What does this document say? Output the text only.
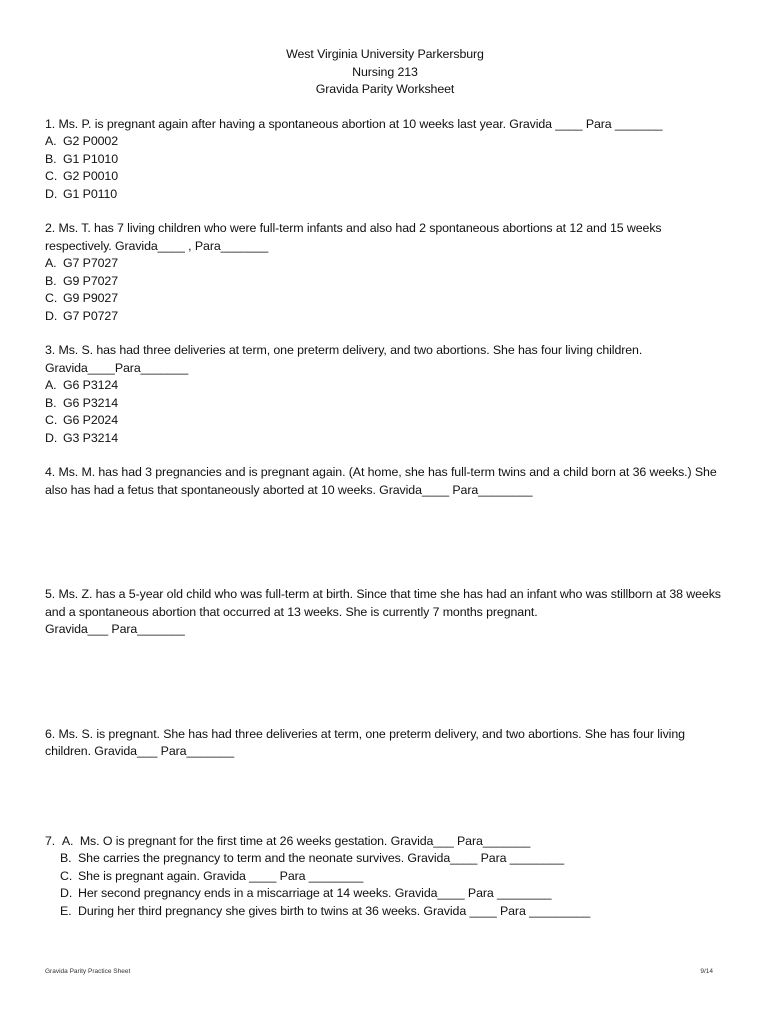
West Virginia University Parkersburg
Nursing 213
Gravida Parity Worksheet
1. Ms. P. is pregnant again after having a spontaneous abortion at 10 weeks last year. Gravida ____ Para _______
A. G2 P0002
B. G1 P1010
C. G2 P0010
D. G1 P0110
2. Ms. T. has 7 living children who were full-term infants and also had 2 spontaneous abortions at 12 and 15 weeks respectively. Gravida____ , Para_______
A. G7 P7027
B. G9 P7027
C. G9 P9027
D. G7 P0727
3. Ms. S. has had three deliveries at term, one preterm delivery, and two abortions. She has four living children. Gravida____Para_______
A. G6 P3124
B. G6 P3214
C. G6 P2024
D. G3 P3214
4. Ms. M. has had 3 pregnancies and is pregnant again. (At home, she has full-term twins and a child born at 36 weeks.) She also has had a fetus that spontaneously aborted at 10 weeks. Gravida____ Para________
5. Ms. Z. has a 5-year old child who was full-term at birth. Since that time she has had an infant who was stillborn at 38 weeks and a spontaneous abortion that occurred at 13 weeks. She is currently 7 months pregnant.
Gravida___ Para_______
6. Ms. S. is pregnant. She has had three deliveries at term, one preterm delivery, and two abortions. She has four living children. Gravida___ Para_______
7. A. Ms. O is pregnant for the first time at 26 weeks gestation. Gravida___ Para_______
B. She carries the pregnancy to term and the neonate survives. Gravida____ Para ________
C. She is pregnant again. Gravida ____ Para ________
D. Her second pregnancy ends in a miscarriage at 14 weeks. Gravida____ Para ________
E. During her third pregnancy she gives birth to twins at 36 weeks. Gravida ____ Para _________
Gravida Parity Practice Sheet	9/14
